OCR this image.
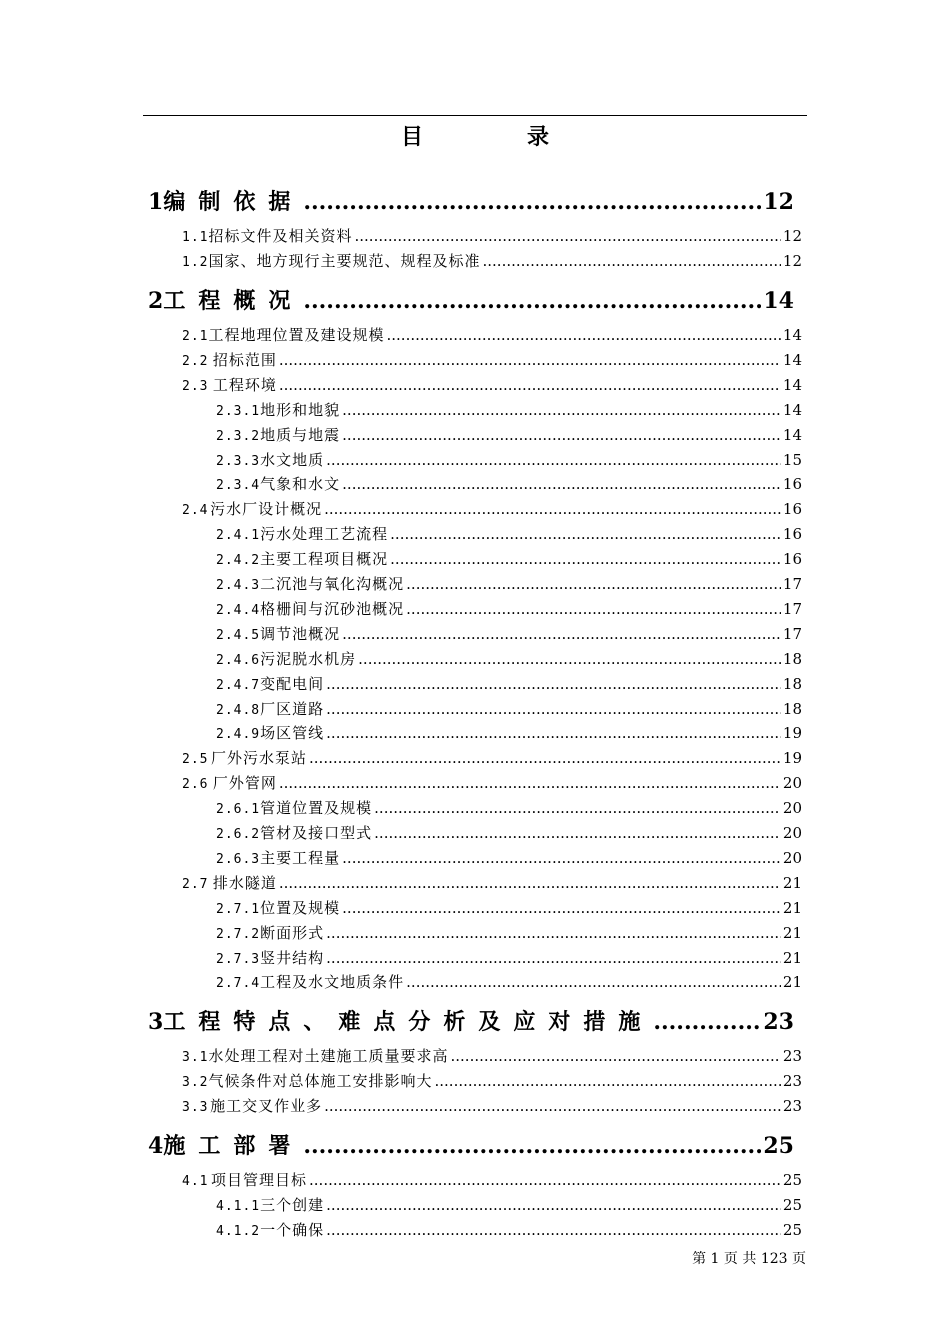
目	录
1 编制依据 .....	12
1.1 招标文件及相关资料 .....	12
1.2 国家、地方现行主要规范、规程及标准 .....	12
2 工程概况 .....	14
2.1 工程地理位置及建设规模 .....	14
2.2 招标范围 .....	14
2.3 工程环境 .....	14
2.3.1 地形和地貌 .....	14
2.3.2 地质与地震 .....	14
2.3.3 水文地质 .....	15
2.3.4 气象和水文 .....	16
2.4 污水厂设计概况 .....	16
2.4.1 污水处理工艺流程 .....	16
2.4.2 主要工程项目概况 .....	16
2.4.3 二沉池与氧化沟概况 .....	17
2.4.4 格栅间与沉砂池概况 .....	17
2.4.5 调节池概况 .....	17
2.4.6 污泥脱水机房 .....	18
2.4.7 变配电间 .....	18
2.4.8 厂区道路 .....	18
2.4.9 场区管线 .....	19
2.5 厂外污水泵站 .....	19
2.6 厂外管网 .....	20
2.6.1 管道位置及规模 .....	20
2.6.2 管材及接口型式 .....	20
2.6.3 主要工程量 .....	20
2.7 排水隧道 .....	21
2.7.1 位置及规模 .....	21
2.7.2 断面形式 .....	21
2.7.3 竖井结构 .....	21
2.7.4 工程及水文地质条件 .....	21
3 工程特点、难点分析及应对措施 .....	23
3.1 水处理工程对土建施工质量要求高 .....	23
3.2 气候条件对总体施工安排影响大 .....	23
3.3 施工交叉作业多 .....	23
4 施工部署 .....	25
4.1 项目管理目标 .....	25
4.1.1 三个创建 .....	25
4.1.2 一个确保 .....	25
第 1 页 共 123 页
